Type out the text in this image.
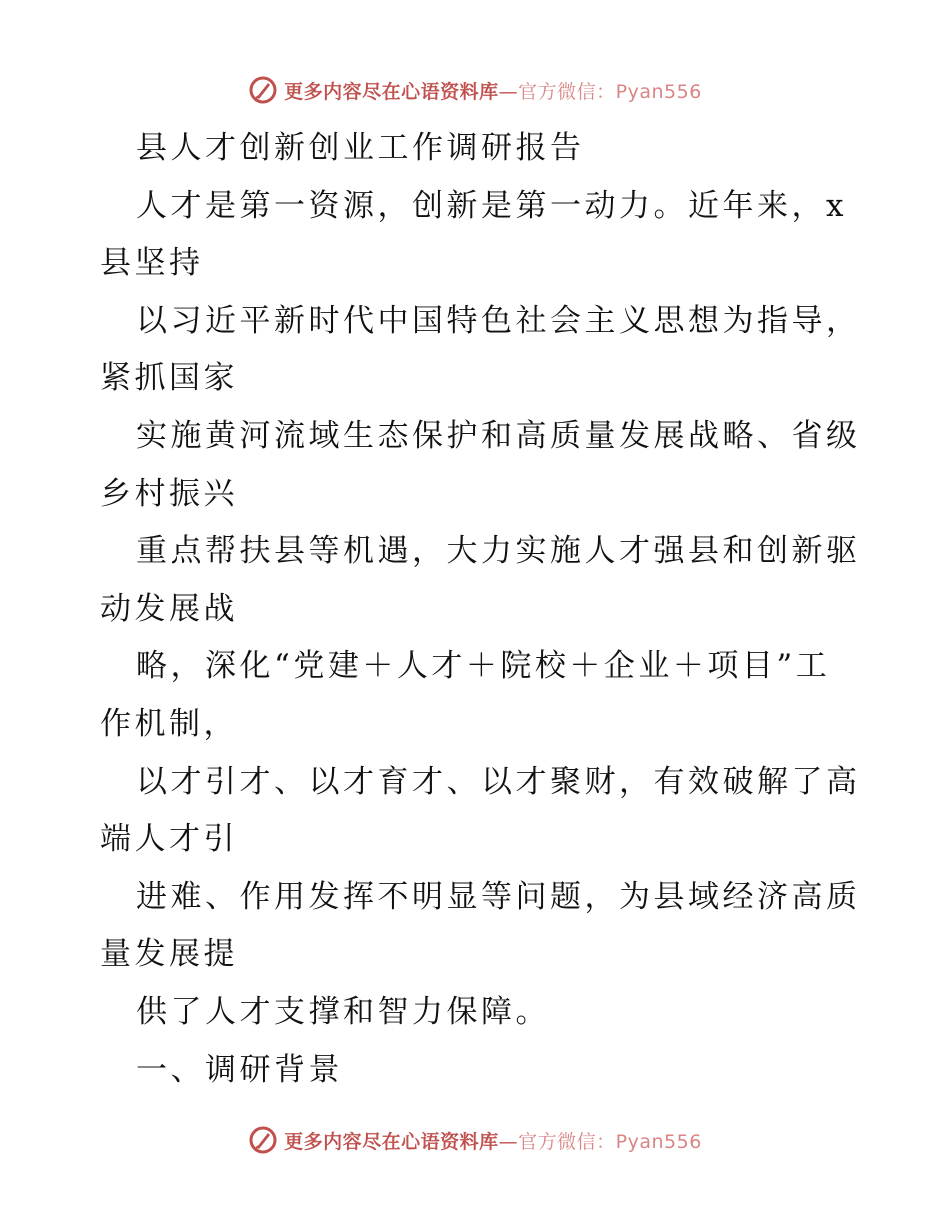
更多内容尽在心语资料库—官方微信：Pyan556
县人才创新创业工作调研报告
人才是第一资源，创新是第一动力。近年来，x
县坚持
以习近平新时代中国特色社会主义思想为指导，
紧抓国家
实施黄河流域生态保护和高质量发展战略、省级
乡村振兴
重点帮扶县等机遇，大力实施人才强县和创新驱
动发展战
略，深化“党建＋人才＋院校＋企业＋项目”工
作机制，
以才引才、以才育才、以才聚财，有效破解了高
端人才引
进难、作用发挥不明显等问题，为县域经济高质
量发展提
供了人才支撑和智力保障。
一、调研背景
更多内容尽在心语资料库—官方微信：Pyan556
